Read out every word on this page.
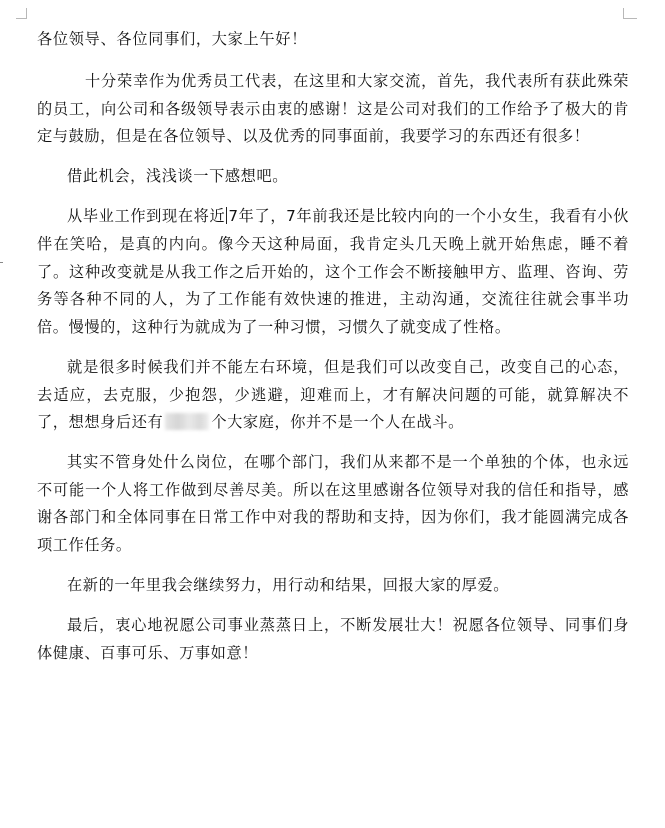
各位领导、各位同事们，大家上午好！

十分荣幸作为优秀员工代表，在这里和大家交流，首先，我代表所有获此殊荣的员工，向公司和各级领导表示由衷的感谢！这是公司对我们的工作给予了极大的肯定与鼓励，但是在各位领导、以及优秀的同事面前，我要学习的东西还有很多！

借此机会，浅浅谈一下感想吧。

从毕业工作到现在将近 7年了，7年前我还是比较内向的一个小女生，我看有小伙伴在笑哈，是真的内向。像今天这种局面，我肯定头几天晚上就开始焦虑，睡不着了。这种改变就是从我工作之后开始的，这个工作会不断接触甲方、监理、咨询、劳务等各种不同的人，为了工作能有效快速的推进，主动沟通，交流往往就会事半功倍。慢慢的，这种行为就成为了一种习惯，习惯久了就变成了性格。

就是很多时候我们并不能左右环境，但是我们可以改变自己，改变自己的心态，去适应，去克服，少抱怨，少逃避，迎难而上，才有解决问题的可能，就算解决不了，想想身后还有	个大家庭，你并不是一个人在战斗。

其实不管身处什么岗位，在哪个部门，我们从来都不是一个单独的个体，也永远不可能一个人将工作做到尽善尽美。所以在这里感谢各位领导对我的信任和指导，感谢各部门和全体同事在日常工作中对我的帮助和支持，因为你们，我才能圆满完成各项工作任务。

在新的一年里我会继续努力，用行动和结果，回报大家的厚爱。

最后，衷心地祝愿公司事业蒸蒸日上，不断发展壮大！祝愿各位领导、同事们身体健康、百事可乐、万事如意！
